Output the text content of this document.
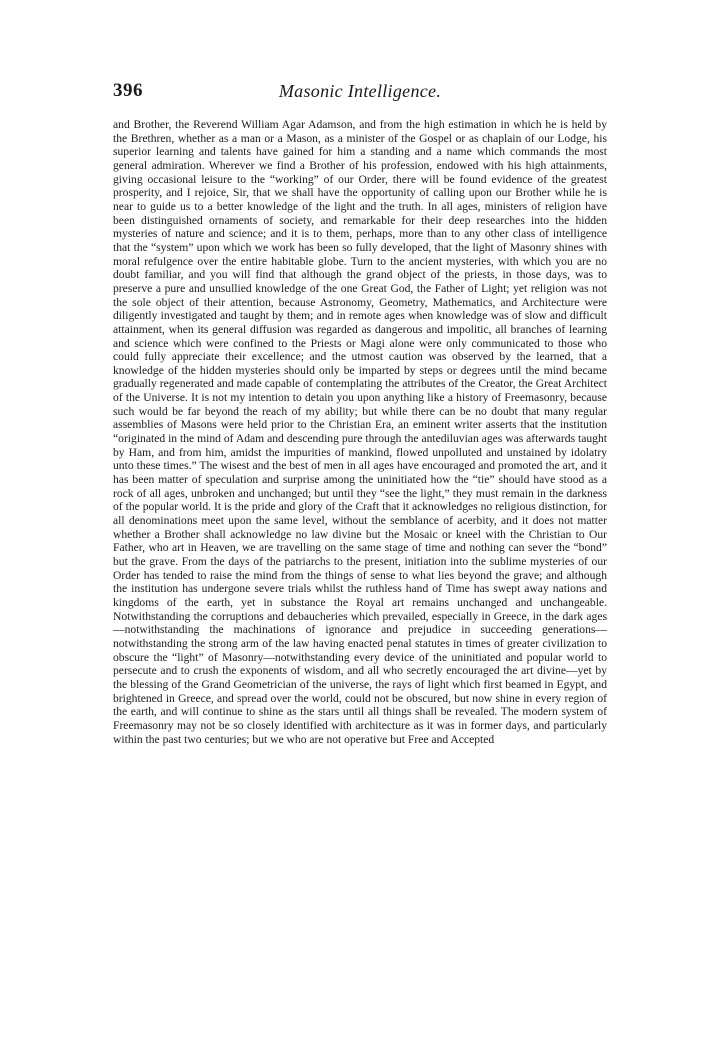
396	Masonic Intelligence.

and Brother, the Reverend William Agar Adamson, and from the high estimation in which he is held by the Brethren, whether as a man or a Mason, as a minister of the Gospel or as chaplain of our Lodge, his superior learning and talents have gained for him a standing and a name which commands the most general admiration. Wherever we find a Brother of his profession, endowed with his high attainments, giving occasional leisure to the “working” of our Order, there will be found evidence of the greatest prosperity, and I rejoice, Sir, that we shall have the opportunity of calling upon our Brother while he is near to guide us to a better knowledge of the light and the truth. In all ages, ministers of religion have been distinguished ornaments of society, and remarkable for their deep researches into the hidden mysteries of nature and science; and it is to them, perhaps, more than to any other class of intelligence that the “system” upon which we work has been so fully developed, that the light of Masonry shines with moral refulgence over the entire habitable globe. Turn to the ancient mysteries, with which you are no doubt familiar, and you will find that although the grand object of the priests, in those days, was to preserve a pure and unsullied knowledge of the one Great God, the Father of Light; yet religion was not the sole object of their attention, because Astronomy, Geometry, Mathematics, and Architecture were diligently investigated and taught by them; and in remote ages when knowledge was of slow and difficult attainment, when its general diffusion was regarded as dangerous and impolitic, all branches of learning and science which were confined to the Priests or Magi alone were only communicated to those who could fully appreciate their excellence; and the utmost caution was observed by the learned, that a knowledge of the hidden mysteries should only be imparted by steps or degrees until the mind became gradually regenerated and made capable of contemplating the attributes of the Creator, the Great Architect of the Universe. It is not my intention to detain you upon anything like a history of Freemasonry, because such would be far beyond the reach of my ability; but while there can be no doubt that many regular assemblies of Masons were held prior to the Christian Era, an eminent writer asserts that the institution “originated in the mind of Adam and descending pure through the antediluvian ages was afterwards taught by Ham, and from him, amidst the impurities of mankind, flowed unpolluted and unstained by idolatry unto these times.” The wisest and the best of men in all ages have encouraged and promoted the art, and it has been matter of speculation and surprise among the uninitiated how the “tie” should have stood as a rock of all ages, unbroken and unchanged; but until they “see the light,” they must remain in the darkness of the popular world. It is the pride and glory of the Craft that it acknowledges no religious distinction, for all denominations meet upon the same level, without the semblance of acerbity, and it does not matter whether a Brother shall acknowledge no law divine but the Mosaic or kneel with the Christian to Our Father, who art in Heaven, we are travelling on the same stage of time and nothing can sever the “bond” but the grave. From the days of the patriarchs to the present, initiation into the sublime mysteries of our Order has tended to raise the mind from the things of sense to what lies beyond the grave; and although the institution has undergone severe trials whilst the ruthless hand of Time has swept away nations and kingdoms of the earth, yet in substance the Royal art remains unchanged and unchangeable. Notwithstanding the corruptions and debaucheries which prevailed, especially in Greece, in the dark ages—notwithstanding the machinations of ignorance and prejudice in succeeding generations—notwithstanding the strong arm of the law having enacted penal statutes in times of greater civilization to obscure the “light” of Masonry—notwithstanding every device of the uninitiated and popular world to persecute and to crush the exponents of wisdom, and all who secretly encouraged the art divine—yet by the blessing of the Grand Geometrician of the universe, the rays of light which first beamed in Egypt, and brightened in Greece, and spread over the world, could not be obscured, but now shine in every region of the earth, and will continue to shine as the stars until all things shall be revealed. The modern system of Freemasonry may not be so closely identified with architecture as it was in former days, and particularly within the past two centuries; but we who are not operative but Free and Accepted
